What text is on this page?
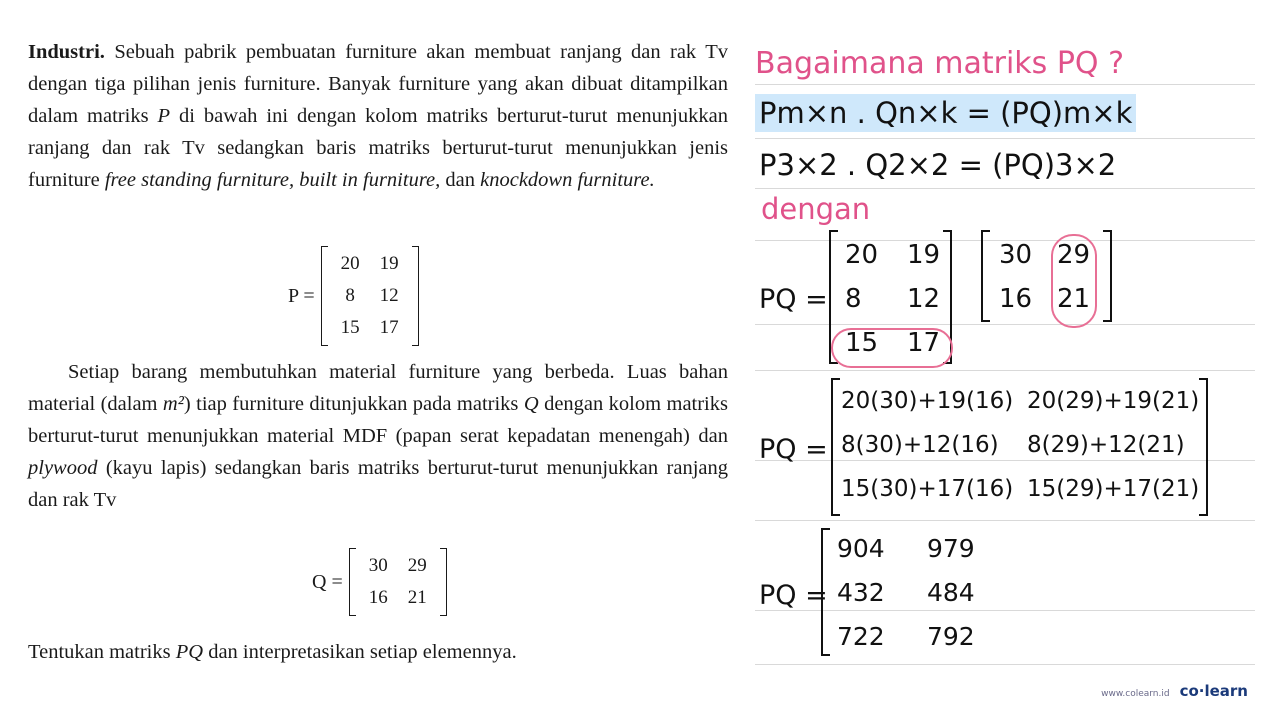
Industri. Sebuah pabrik pembuatan furniture akan membuat ranjang dan rak Tv dengan tiga pilihan jenis furniture. Banyak furniture yang akan dibuat ditampilkan dalam matriks P di bawah ini dengan kolom matriks berturut-turut menunjukkan ranjang dan rak Tv sedangkan baris matriks berturut-turut menunjukkan jenis furniture free standing furniture, built in furniture, dan knockdown furniture.

P =
20	19
8	12
15	17

Setiap barang membutuhkan material furniture yang berbeda. Luas bahan material (dalam m²) tiap furniture ditunjukkan pada matriks Q dengan kolom matriks berturut-turut menunjukkan material MDF (papan serat kepadatan menengah) dan plywood (kayu lapis) sedangkan baris matriks berturut-turut menunjukkan ranjang dan rak Tv

Q =
30	29
16	21

Tentukan matriks PQ dan interpretasikan setiap elemennya.

Bagaimana matriks PQ ?
Pm×n . Qn×k = (PQ)m×k
P3×2 . Q2×2 = (PQ)3×2
dengan
PQ =
20 19
8 12
15 17
30 29
16 21
PQ =
20(30)+19(16) 20(29)+19(21)
8(30)+12(16) 8(29)+12(21)
15(30)+17(16) 15(29)+17(21)
PQ =
904 979
432 484
722 792
www.colearn.id co·learn
